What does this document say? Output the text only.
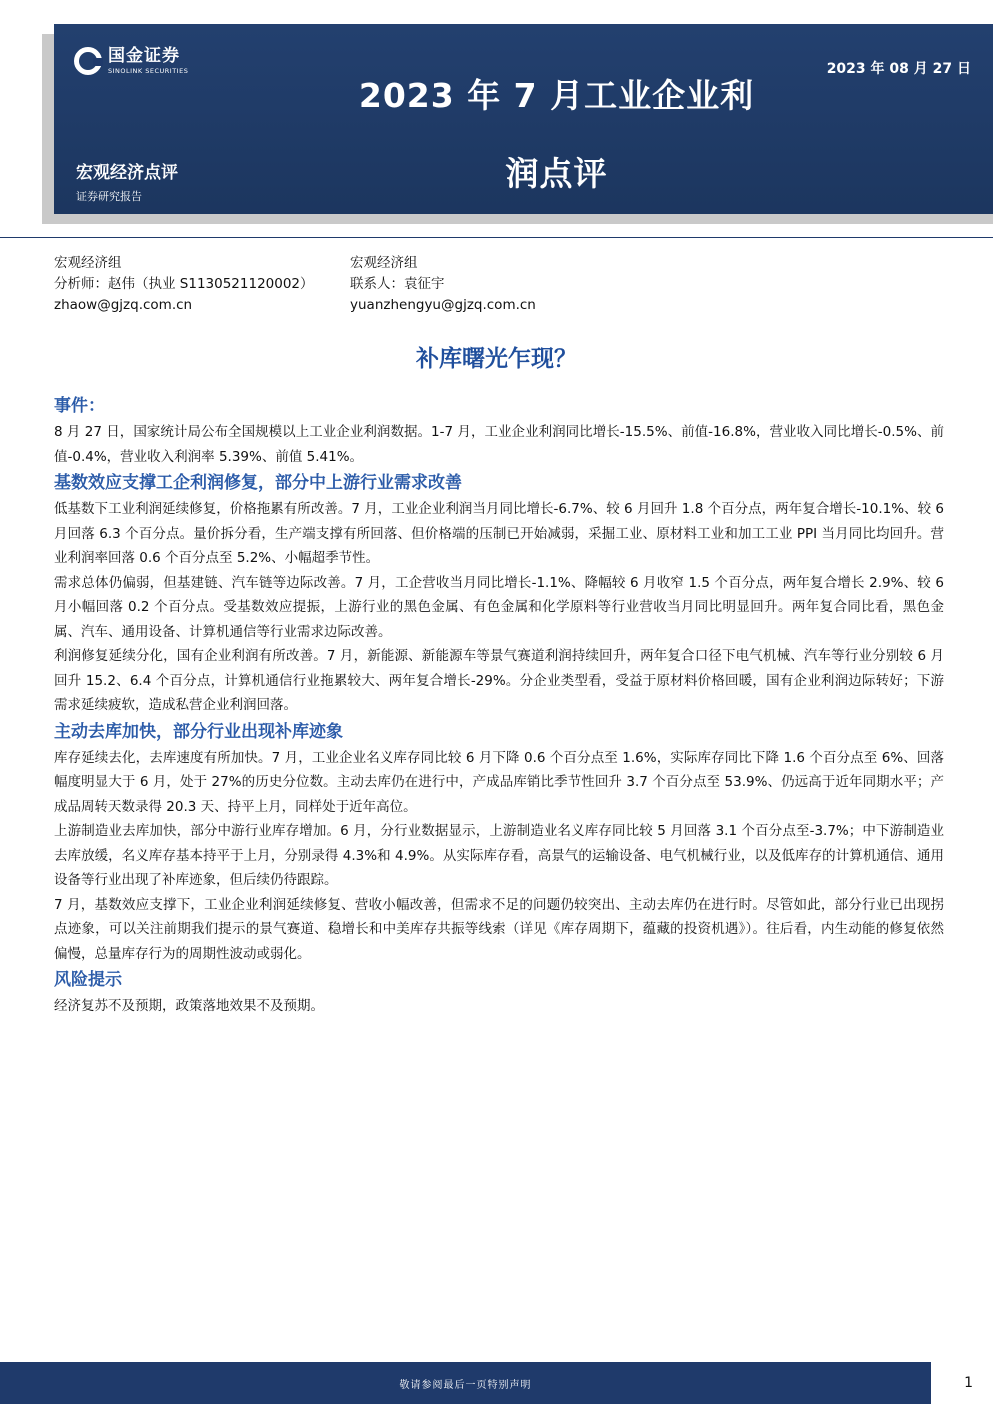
国金证券
SINOLINK SECURITIES	2023 年 08 月 27 日
2023 年 7 月工业企业利
润点评
宏观经济点评
证券研究报告
宏观经济组
分析师：赵伟（执业 S1130521120002）
zhaow@gjzq.com.cn
宏观经济组
联系人：袁征宇
yuanzhengyu@gjzq.com.cn
补库曙光乍现？
事件：

8 月 27 日，国家统计局公布全国规模以上工业企业利润数据。1-7 月，工业企业利润同比增长-15.5%、前值-16.8%，营业收入同比增长-0.5%、前值-0.4%，营业收入利润率 5.39%、前值 5.41%。

基数效应支撑工企利润修复，部分中上游行业需求改善

低基数下工业利润延续修复，价格拖累有所改善。7 月，工业企业利润当月同比增长-6.7%、较 6 月回升 1.8 个百分点，两年复合增长-10.1%、较 6 月回落 6.3 个百分点。量价拆分看，生产端支撑有所回落、但价格端的压制已开始减弱，采掘工业、原材料工业和加工工业 PPI 当月同比均回升。营业利润率回落 0.6 个百分点至 5.2%、小幅超季节性。

需求总体仍偏弱，但基建链、汽车链等边际改善。7 月，工企营收当月同比增长-1.1%、降幅较 6 月收窄 1.5 个百分点，两年复合增长 2.9%、较 6 月小幅回落 0.2 个百分点。受基数效应提振，上游行业的黑色金属、有色金属和化学原料等行业营收当月同比明显回升。两年复合同比看，黑色金属、汽车、通用设备、计算机通信等行业需求边际改善。

利润修复延续分化，国有企业利润有所改善。7 月，新能源、新能源车等景气赛道利润持续回升，两年复合口径下电气机械、汽车等行业分别较 6 月回升 15.2、6.4 个百分点，计算机通信行业拖累较大、两年复合增长-29%。分企业类型看，受益于原材料价格回暖，国有企业利润边际转好；下游需求延续疲软，造成私营企业利润回落。

主动去库加快，部分行业出现补库迹象

库存延续去化，去库速度有所加快。7 月，工业企业名义库存同比较 6 月下降 0.6 个百分点至 1.6%，实际库存同比下降 1.6 个百分点至 6%、回落幅度明显大于 6 月，处于 27%的历史分位数。主动去库仍在进行中，产成品库销比季节性回升 3.7 个百分点至 53.9%、仍远高于近年同期水平；产成品周转天数录得 20.3 天、持平上月，同样处于近年高位。

上游制造业去库加快，部分中游行业库存增加。6 月，分行业数据显示，上游制造业名义库存同比较 5 月回落 3.1 个百分点至-3.7%；中下游制造业去库放缓，名义库存基本持平于上月，分别录得 4.3%和 4.9%。从实际库存看，高景气的运输设备、电气机械行业，以及低库存的计算机通信、通用设备等行业出现了补库迹象，但后续仍待跟踪。

7 月，基数效应支撑下，工业企业利润延续修复、营收小幅改善，但需求不足的问题仍较突出、主动去库仍在进行时。尽管如此，部分行业已出现拐点迹象，可以关注前期我们提示的景气赛道、稳增长和中美库存共振等线索（详见《库存周期下，蕴藏的投资机遇》）。往后看，内生动能的修复依然偏慢，总量库存行为的周期性波动或弱化。

风险提示

经济复苏不及预期，政策落地效果不及预期。

敬请参阅最后一页特别声明	1
